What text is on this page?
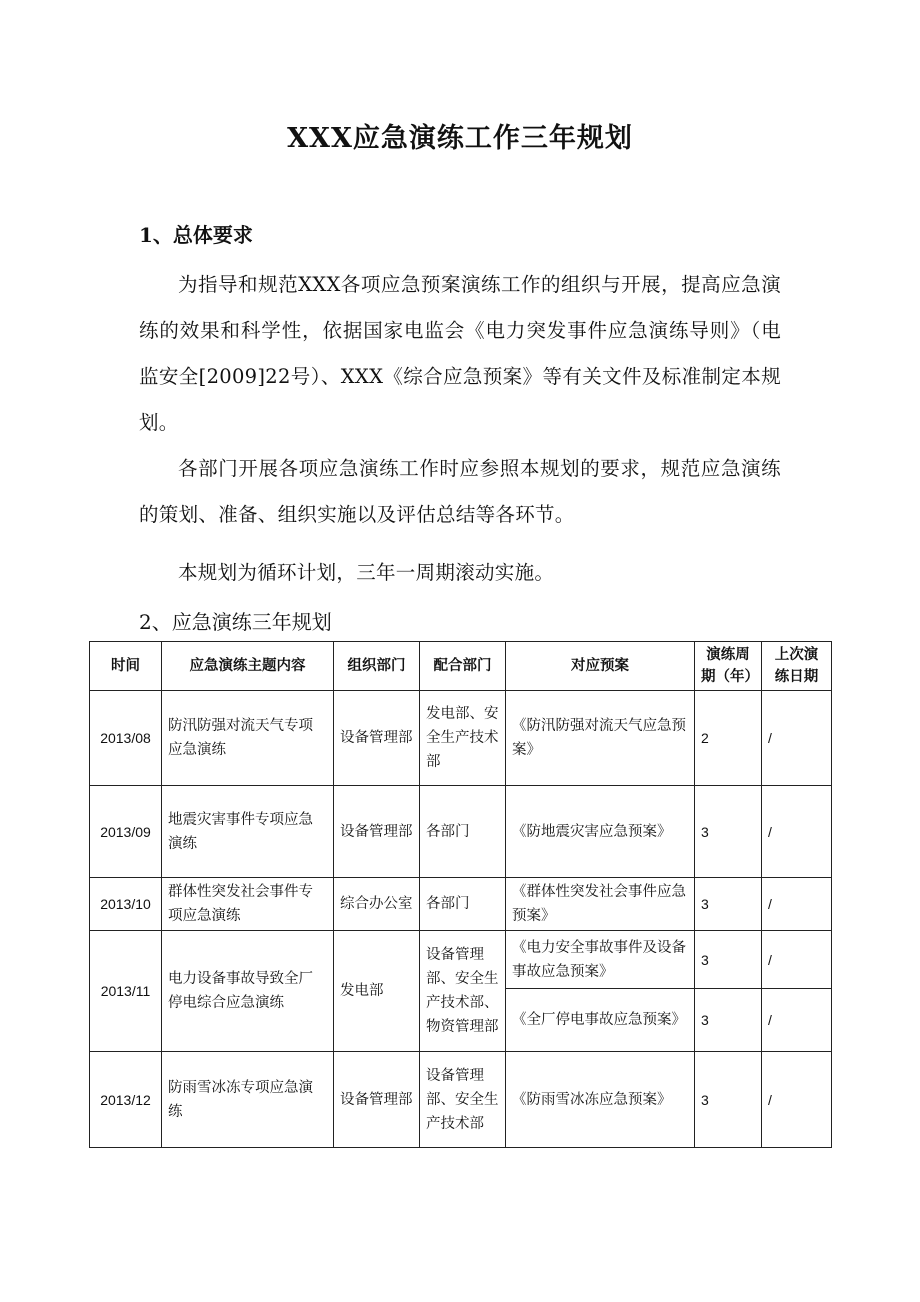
XXX应急演练工作三年规划
1、总体要求
为指导和规范XXX各项应急预案演练工作的组织与开展，提高应急演练的效果和科学性，依据国家电监会《电力突发事件应急演练导则》（电监安全[2009]22号）、XXX《综合应急预案》等有关文件及标准制定本规划。
各部门开展各项应急演练工作时应参照本规划的要求，规范应急演练的策划、准备、组织实施以及评估总结等各环节。
本规划为循环计划，三年一周期滚动实施。
2、应急演练三年规划
时间	应急演练主题内容	组织部门	配合部门	对应预案	演练周期（年）	上次演练日期
2013/08	防汛防强对流天气专项应急演练	设备管理部	发电部、安全生产技术部	《防汛防强对流天气应急预案》	2	/
2013/09	地震灾害事件专项应急演练	设备管理部	各部门	《防地震灾害应急预案》	3	/
2013/10	群体性突发社会事件专项应急演练	综合办公室	各部门	《群体性突发社会事件应急预案》	3	/
2013/11	电力设备事故导致全厂停电综合应急演练	发电部	设备管理部、安全生产技术部、物资管理部	《电力安全事故事件及设备事故应急预案》	3	/
				《全厂停电事故应急预案》	3	/
2013/12	防雨雪冰冻专项应急演练	设备管理部	设备管理部、安全生产技术部	《防雨雪冰冻应急预案》	3	/
